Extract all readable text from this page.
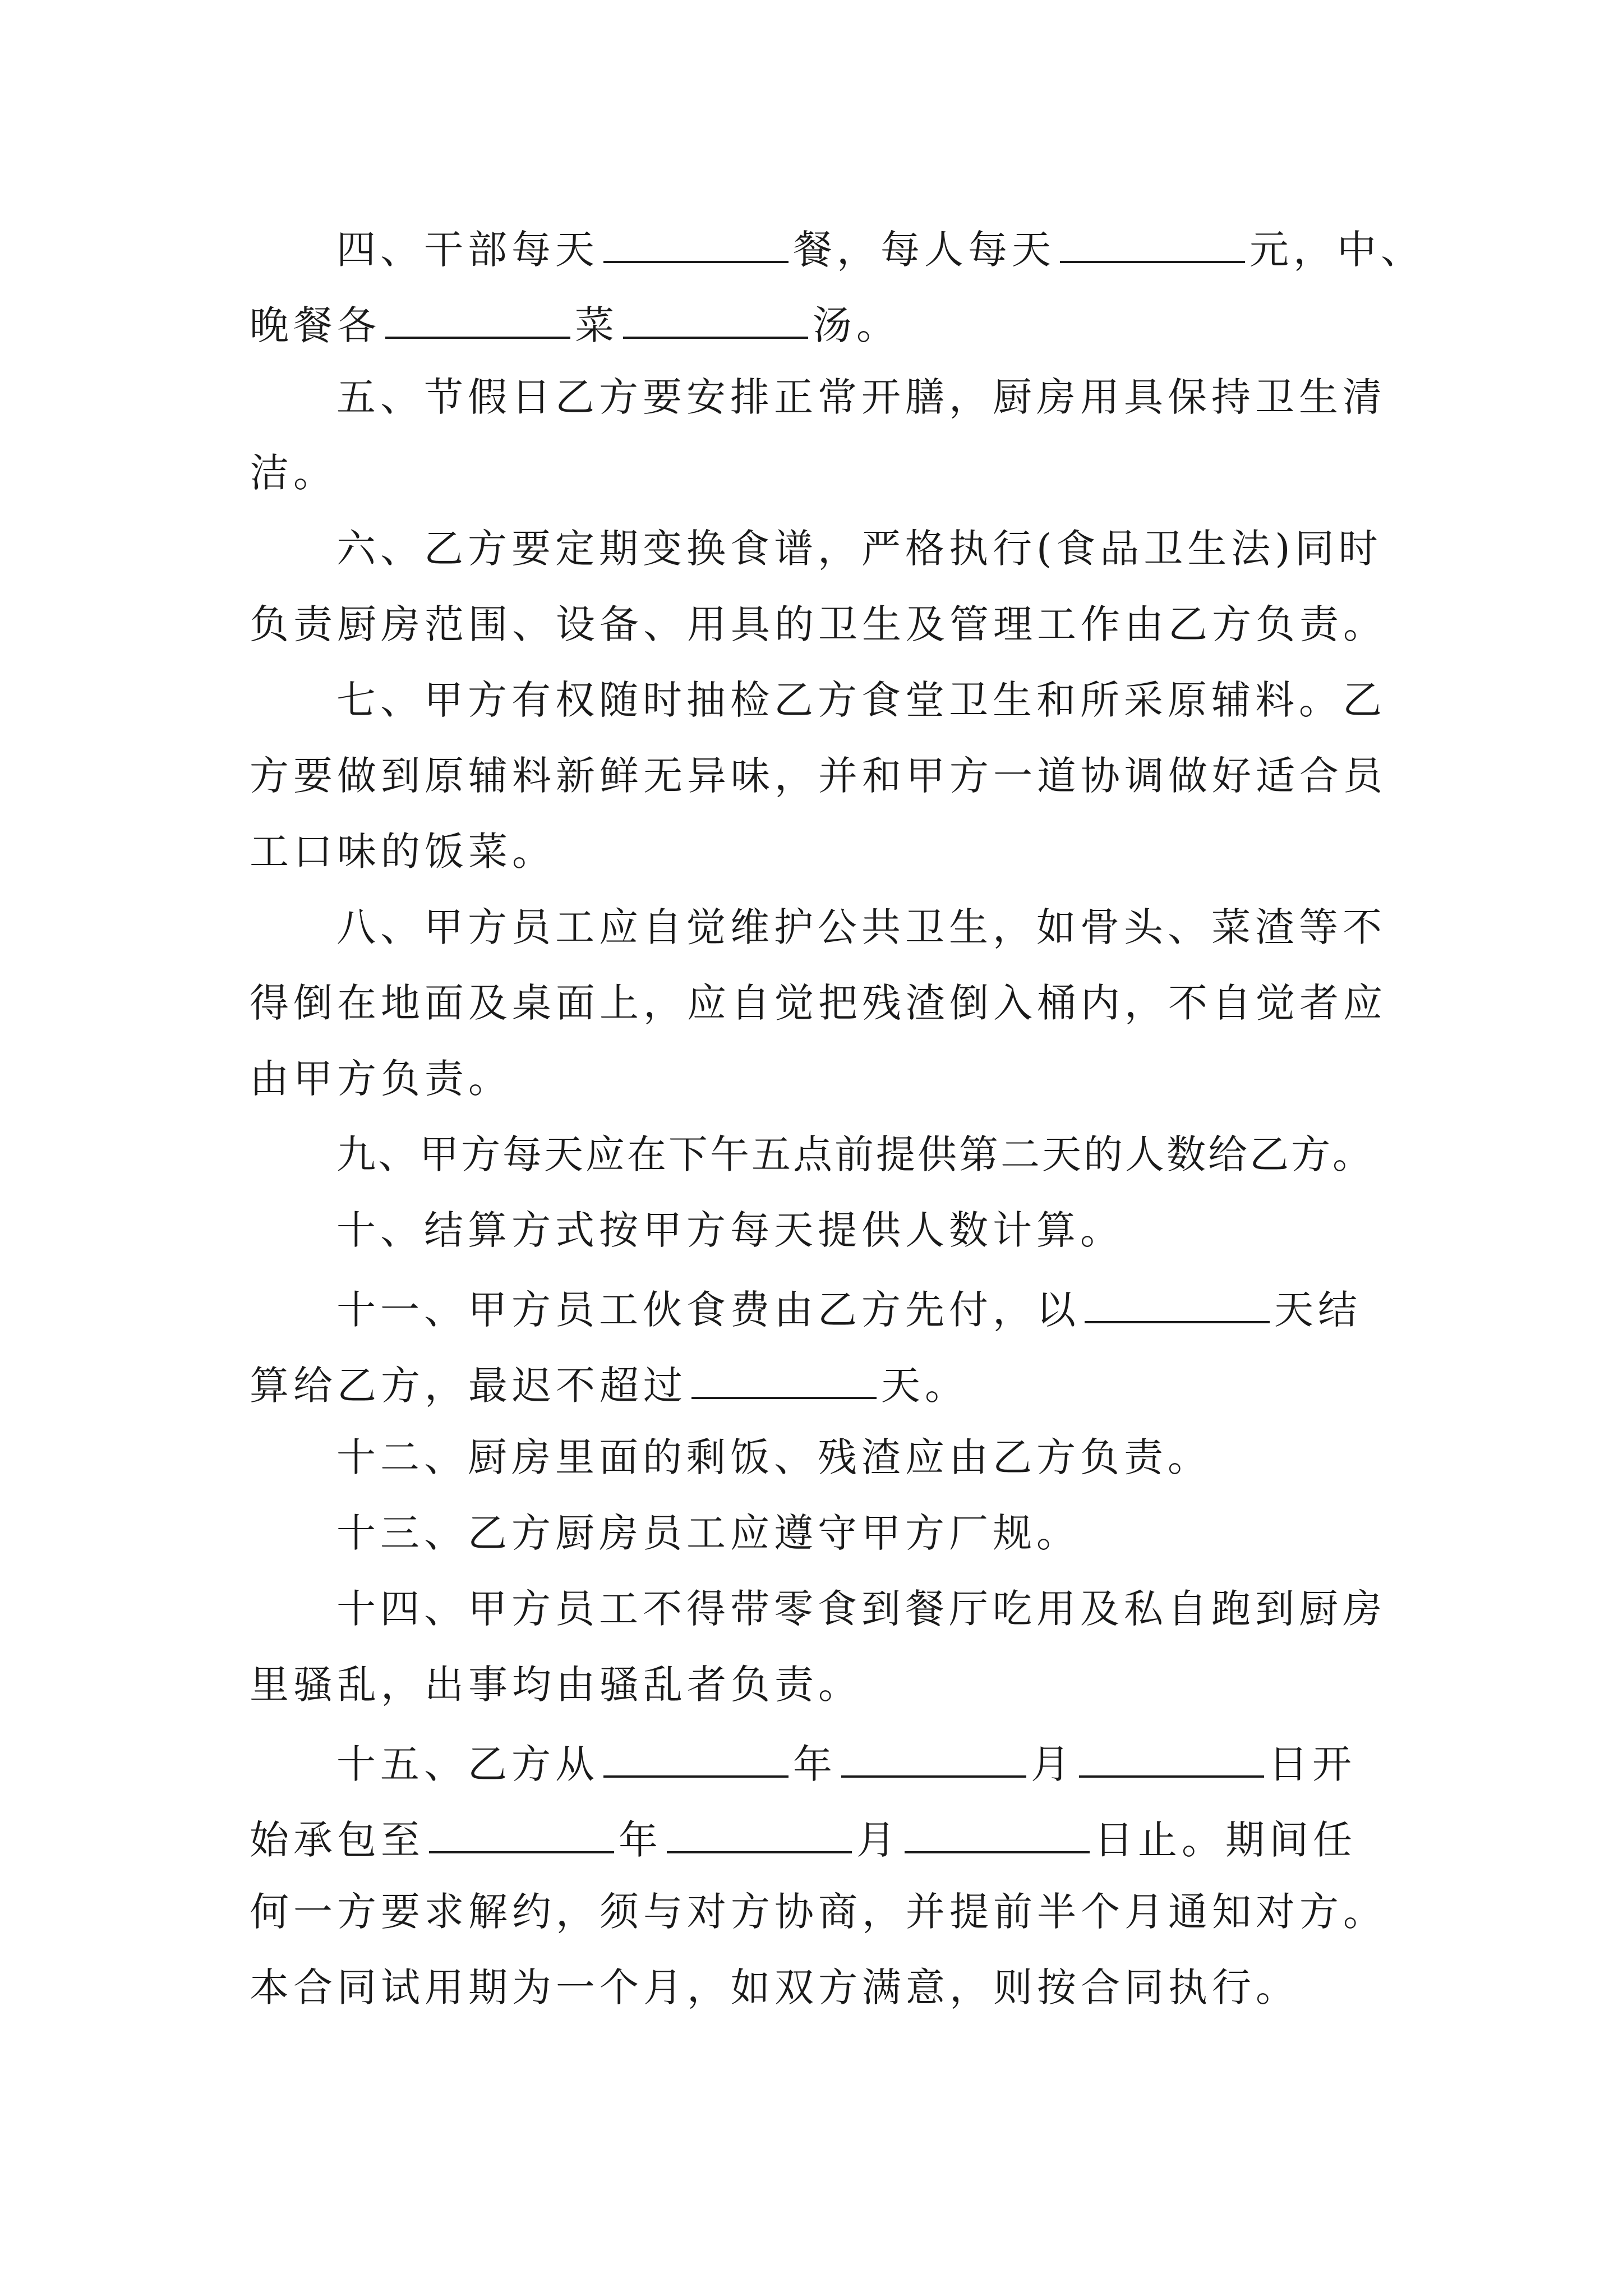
四、干部每天	餐，每人每天	元，中、
晚餐各	菜	汤。
五、节假日乙方要安排正常开膳，厨房用具保持卫生清
洁。
六、乙方要定期变换食谱，严格执行(食品卫生法)同时
负责厨房范围、设备、用具的卫生及管理工作由乙方负责。
七、甲方有权随时抽检乙方食堂卫生和所采原辅料。乙
方要做到原辅料新鲜无异味，并和甲方一道协调做好适合员
工口味的饭菜。
八、甲方员工应自觉维护公共卫生，如骨头、菜渣等不
得倒在地面及桌面上，应自觉把残渣倒入桶内，不自觉者应
由甲方负责。
九、甲方每天应在下午五点前提供第二天的人数给乙方。
十、结算方式按甲方每天提供人数计算。
十一、甲方员工伙食费由乙方先付，以	天结
算给乙方，最迟不超过	天。
十二、厨房里面的剩饭、残渣应由乙方负责。
十三、乙方厨房员工应遵守甲方厂规。
十四、甲方员工不得带零食到餐厅吃用及私自跑到厨房
里骚乱，出事均由骚乱者负责。
十五、乙方从	年	月	日开
始承包至	年	月	日止。期间任
何一方要求解约，须与对方协商，并提前半个月通知对方。
本合同试用期为一个月，如双方满意，则按合同执行。
